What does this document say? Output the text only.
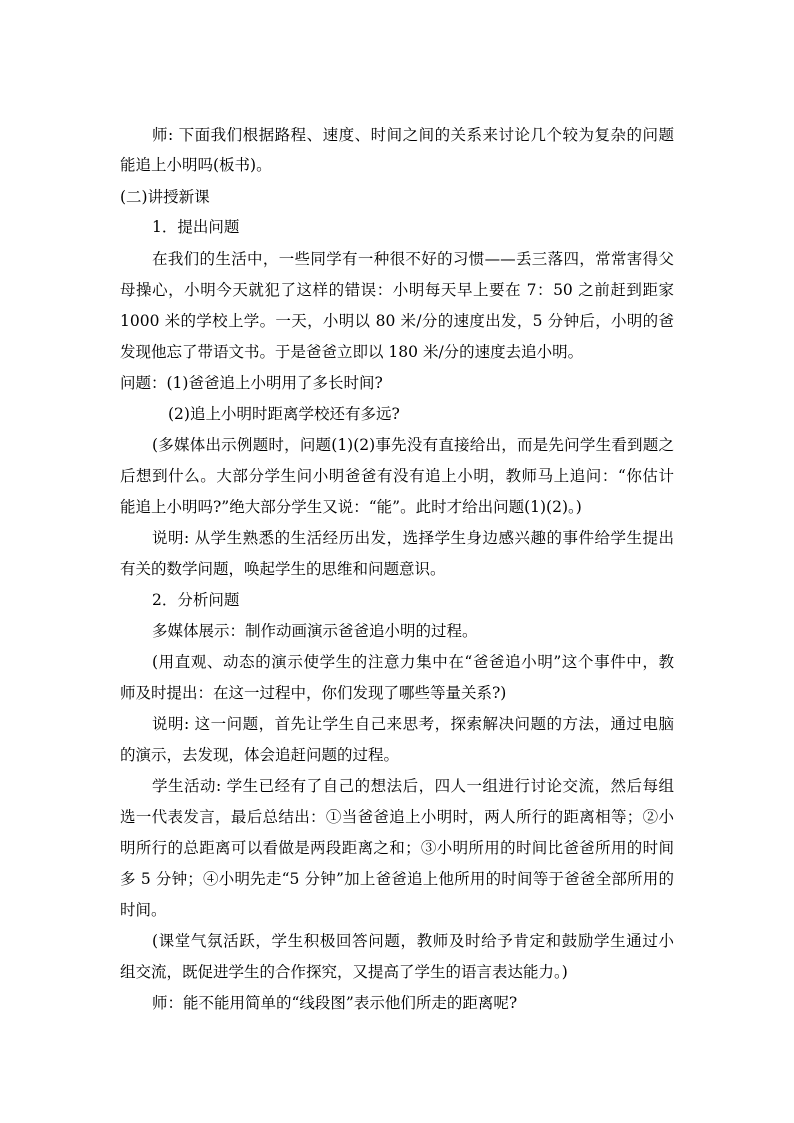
师: 下面我们根据路程、速度、时间之间的关系来讨论几个较为复杂的问题
能追上小明吗(板书)。
(二)讲授新课
1．提出问题
在我们的生活中，一些同学有一种很不好的习惯——丢三落四，常常害得父
母操心，小明今天就犯了这样的错误：小明每天早上要在 7：50 之前赶到距家
1000 米的学校上学。一天，小明以 80 米/分的速度出发，5 分钟后，小明的爸
发现他忘了带语文书。于是爸爸立即以 180 米/分的速度去追小明。
问题：(1)爸爸追上小明用了多长时间?
(2)追上小明时距离学校还有多远?
(多媒体出示例题时，问题(1)(2)事先没有直接给出，而是先问学生看到题之
后想到什么。大部分学生问小明爸爸有没有追上小明，教师马上追问：“你估计
能追上小明吗?”绝大部分学生又说：“能”。此时才给出问题(1)(2)。)
说明: 从学生熟悉的生活经历出发，选择学生身边感兴趣的事件给学生提出
有关的数学问题，唤起学生的思维和问题意识。
2．分析问题
多媒体展示：制作动画演示爸爸追小明的过程。
(用直观、动态的演示使学生的注意力集中在“爸爸追小明”这个事件中，教
师及时提出：在这一过程中，你们发现了哪些等量关系?)
说明: 这一问题，首先让学生自己来思考，探索解决问题的方法，通过电脑
的演示，去发现，体会追赶问题的过程。
学生活动: 学生已经有了自己的想法后，四人一组进行讨论交流，然后每组
选一代表发言，最后总结出：①当爸爸追上小明时，两人所行的距离相等；②小
明所行的总距离可以看做是两段距离之和；③小明所用的时间比爸爸所用的时间
多 5 分钟；④小明先走“5 分钟”加上爸爸追上他所用的时间等于爸爸全部所用的
时间。
(课堂气氛活跃，学生积极回答问题，教师及时给予肯定和鼓励学生通过小
组交流，既促进学生的合作探究，又提高了学生的语言表达能力。)
师：能不能用简单的“线段图”表示他们所走的距离呢?
